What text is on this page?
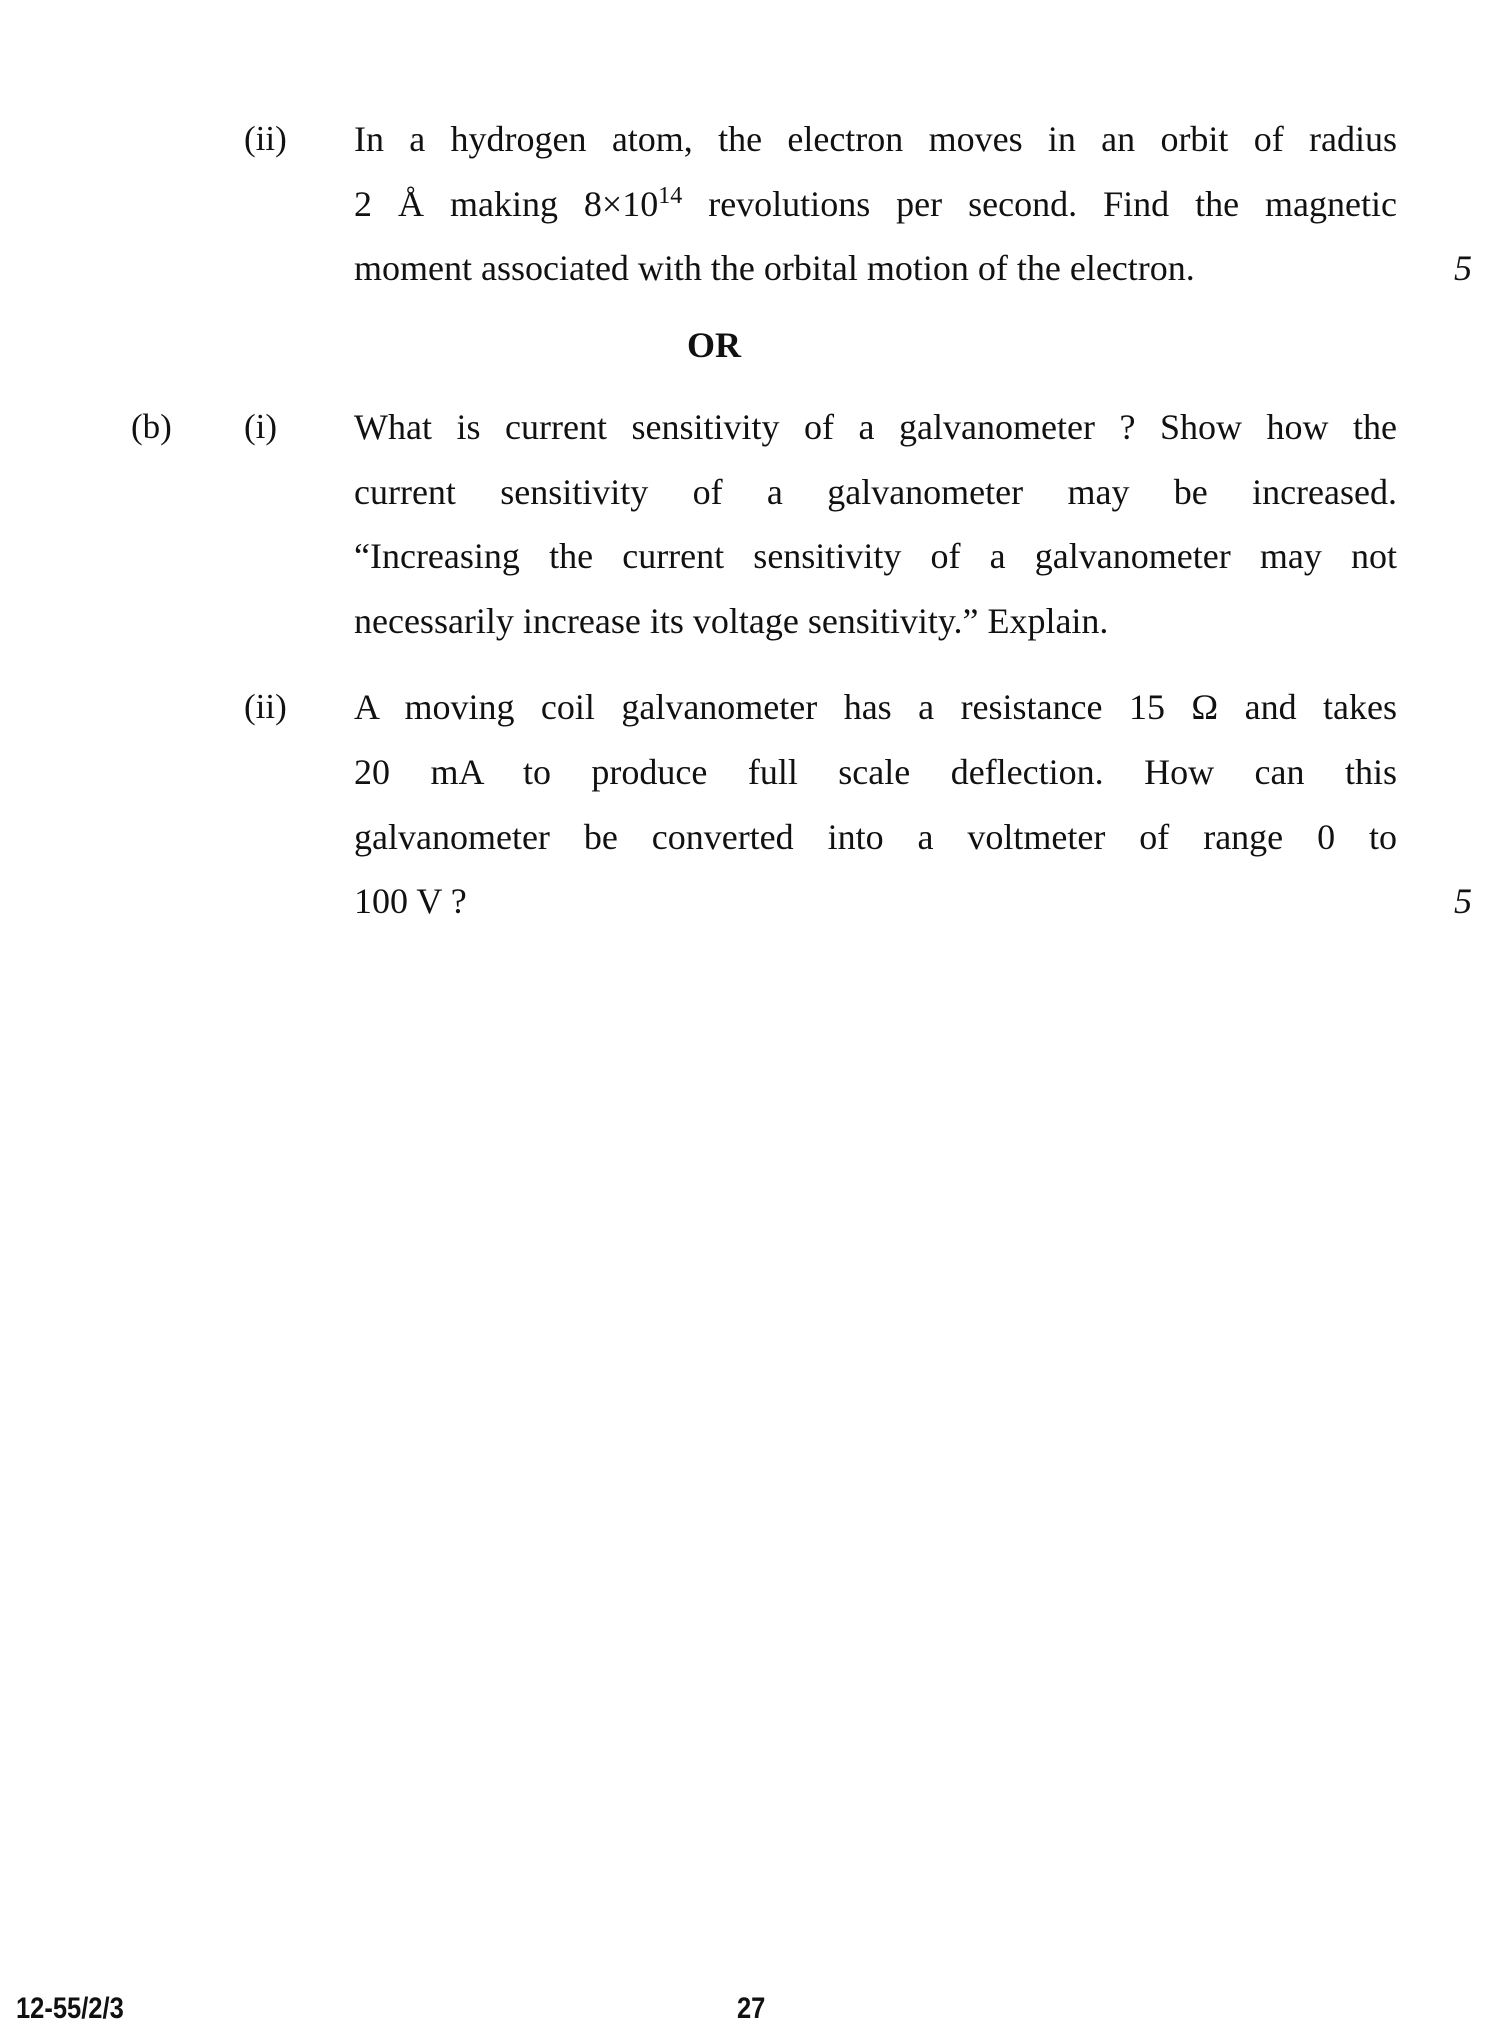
(ii) In a hydrogen atom, the electron moves in an orbit of radius
2 Å making $8\times 10^{14}$ revolutions per second. Find the magnetic
moment associated with the orbital motion of the electron.	5
OR
(b) (i) What is current sensitivity of a galvanometer ? Show how the
current sensitivity of a galvanometer may be increased.
“Increasing the current sensitivity of a galvanometer may not
necessarily increase its voltage sensitivity.” Explain.
(ii) A moving coil galvanometer has a resistance 15 Ω and takes
20 mA to produce full scale deflection. How can this
galvanometer be converted into a voltmeter of range 0 to
100 V ?	5
12-55/2/3	27
